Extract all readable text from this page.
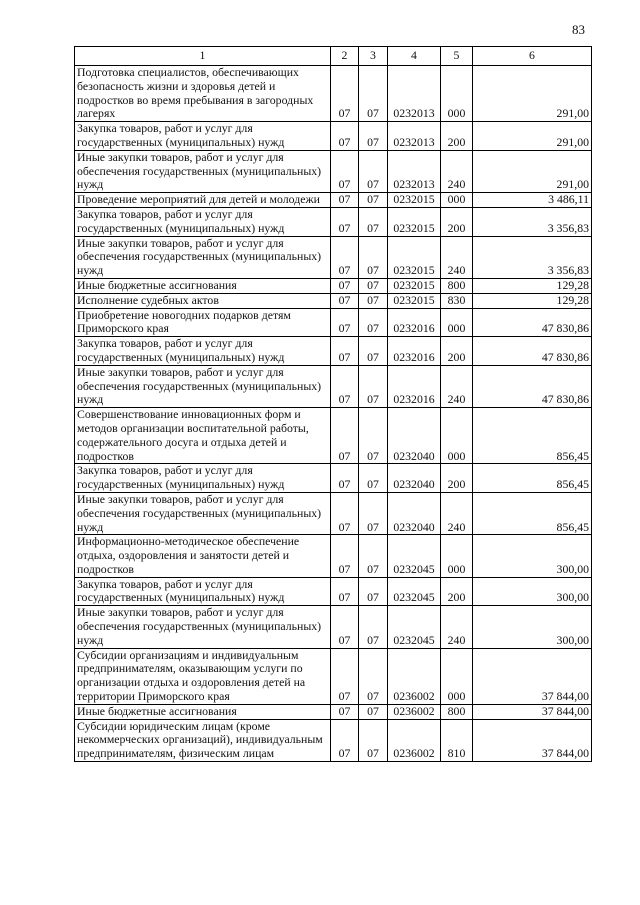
83
1	2	3	4	5	6
Подготовка специалистов, обеспечивающих безопасность жизни и здоровья детей и подростков во время пребывания в загородных лагерях	07	07	0232013	000	291,00
Закупка товаров, работ и услуг для государственных (муниципальных) нужд	07	07	0232013	200	291,00
Иные закупки товаров, работ и услуг для обеспечения государственных (муниципальных) нужд	07	07	0232013	240	291,00
Проведение мероприятий для детей и молодежи	07	07	0232015	000	3 486,11
Закупка товаров, работ и услуг для государственных (муниципальных) нужд	07	07	0232015	200	3 356,83
Иные закупки товаров, работ и услуг для обеспечения государственных (муниципальных) нужд	07	07	0232015	240	3 356,83
Иные бюджетные ассигнования	07	07	0232015	800	129,28
Исполнение судебных актов	07	07	0232015	830	129,28
Приобретение новогодних подарков детям Приморского края	07	07	0232016	000	47 830,86
Закупка товаров, работ и услуг для государственных (муниципальных) нужд	07	07	0232016	200	47 830,86
Иные закупки товаров, работ и услуг для обеспечения государственных (муниципальных) нужд	07	07	0232016	240	47 830,86
Совершенствование инновационных форм и методов организации воспитательной работы, содержательного досуга и отдыха детей и подростков	07	07	0232040	000	856,45
Закупка товаров, работ и услуг для государственных (муниципальных) нужд	07	07	0232040	200	856,45
Иные закупки товаров, работ и услуг для обеспечения государственных (муниципальных) нужд	07	07	0232040	240	856,45
Информационно-методическое обеспечение отдыха, оздоровления и занятости детей и подростков	07	07	0232045	000	300,00
Закупка товаров, работ и услуг для государственных (муниципальных) нужд	07	07	0232045	200	300,00
Иные закупки товаров, работ и услуг для обеспечения государственных (муниципальных) нужд	07	07	0232045	240	300,00
Субсидии организациям и индивидуальным предпринимателям, оказывающим услуги по организации отдыха и оздоровления детей на территории Приморского края	07	07	0236002	000	37 844,00
Иные бюджетные ассигнования	07	07	0236002	800	37 844,00
Субсидии юридическим лицам (кроме некоммерческих организаций), индивидуальным предпринимателям, физическим лицам	07	07	0236002	810	37 844,00
